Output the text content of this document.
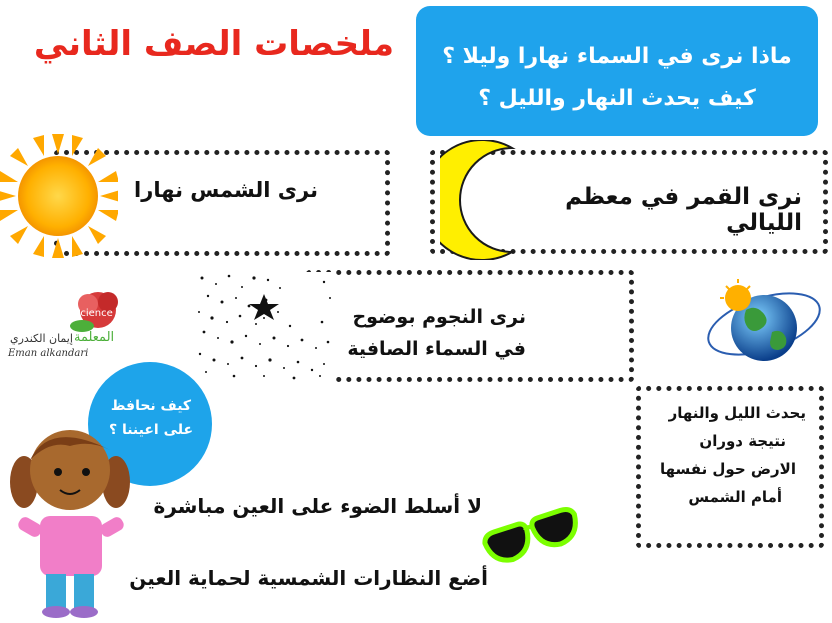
ملخصات الصف الثاني	ماذا نرى في السماء نهارا وليلا ؟
كيف يحدث النهار والليل ؟
نرى الشمس نهارا	نرى القمر في معظم الليالي
نرى النجوم بوضوح
في السماء الصافية
Science
المعلمة
إيمان الكندري
Eman alkandari
يحدث الليل والنهار
نتيجة دوران
الارض حول نفسها
أمام الشمس
كيف نحافظ
على اعيننا ؟
لا أسلط الضوء على العين مباشرة
أضع النظارات الشمسية لحماية العين
